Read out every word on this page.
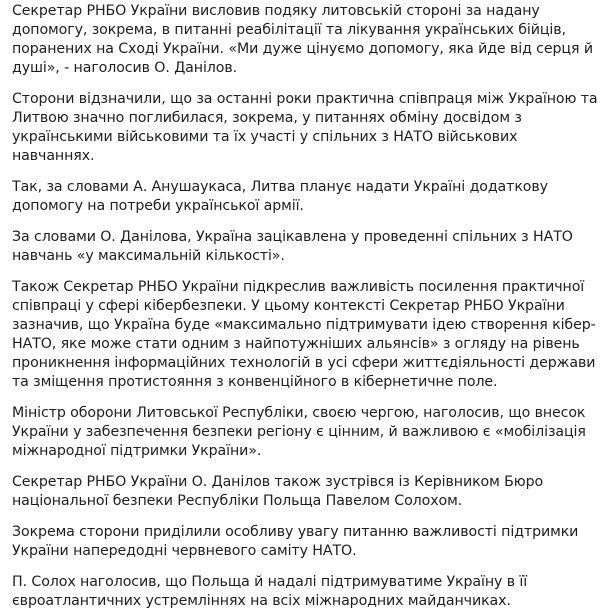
Секретар РНБО України висловив подяку литовській стороні за надану допомогу, зокрема, в питанні реабілітації та лікування українських бійців, поранених на Сході України. «Ми дуже цінуємо допомогу, яка йде від серця й душі», - наголосив О. Данілов.

Сторони відзначили, що за останні роки практична співпраця між Україною та Литвою значно поглибилася, зокрема, у питаннях обміну досвідом з українськими військовими та їх участі у спільних з НАТО військових навчаннях.

Так, за словами А. Анушаукаса, Литва планує надати Україні додаткову допомогу на потреби української армії.

За словами О. Данілова, Україна зацікавлена у проведенні спільних з НАТО навчань «у максимальній кількості».

Також Секретар РНБО України підкреслив важливість посилення практичної співпраці у сфері кібербезпеки. У цьому контексті Секретар РНБО України зазначив, що Україна буде «максимально підтримувати ідею створення кібер-НАТО, яке може стати одним з найпотужніших альянсів» з огляду на рівень проникнення інформаційних технологій в усі сфери життєдіяльності держави та зміщення протистояння з конвенційного в кібернетичне поле.

Міністр оборони Литовської Республіки, своєю чергою, наголосив, що внесок України у забезпечення безпеки регіону є цінним, й важливою є «мобілізація міжнародної підтримки України».

Секретар РНБО України О. Данілов також зустрівся із Керівником Бюро національної безпеки Республіки Польща Павелом Солохом.

Зокрема сторони приділили особливу увагу питанню важливості підтримки України напередодні червневого саміту НАТО.

П. Солох наголосив, що Польща й надалі підтримуватиме Україну в її євроатлантичних устремліннях на всіх міжнародних майданчиках.
